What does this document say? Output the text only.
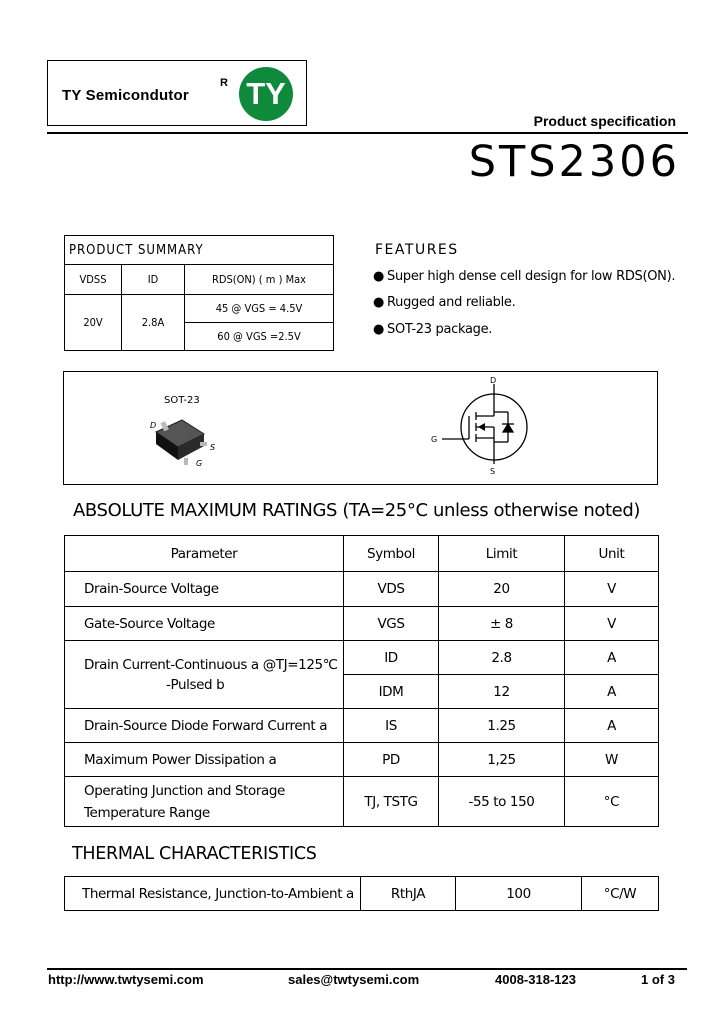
TY Semicondutor
R TY
Product specification
STS2306
PRODUCT SUMMARY		
VDSS	ID	RDS(ON) ( m ) Max
20V	2.8A	45 @ VGS = 4.5V
		60 @ VGS =2.5V
FEATURES
● Super high dense cell design for low RDS(ON).
● Rugged and reliable.
● SOT-23 package.
SOT-23
D
S
G
D
G
S
ABSOLUTE MAXIMUM RATINGS (TA=25°C unless otherwise noted)
Parameter	Symbol	Limit	Unit
Drain-Source Voltage	VDS	20	V
Gate-Source Voltage	VGS	± 8	V

Drain Current-Continuous a @TJ=125℃
-Pulsed b	ID	2.8	A
	IDM	12	A
Drain-Source Diode Forward Current a	IS	1.25	A
Maximum Power Dissipation a	PD	1,25	W
Operating Junction and Storage Temperature Range	TJ, TSTG	-55 to 150	°C
THERMAL CHARACTERISTICS
Thermal Resistance, Junction-to-Ambient a	RthJA	100	°C/W
http://www.twtysemi.com	sales@twtysemi.com	4008-318-123	1 of 3
